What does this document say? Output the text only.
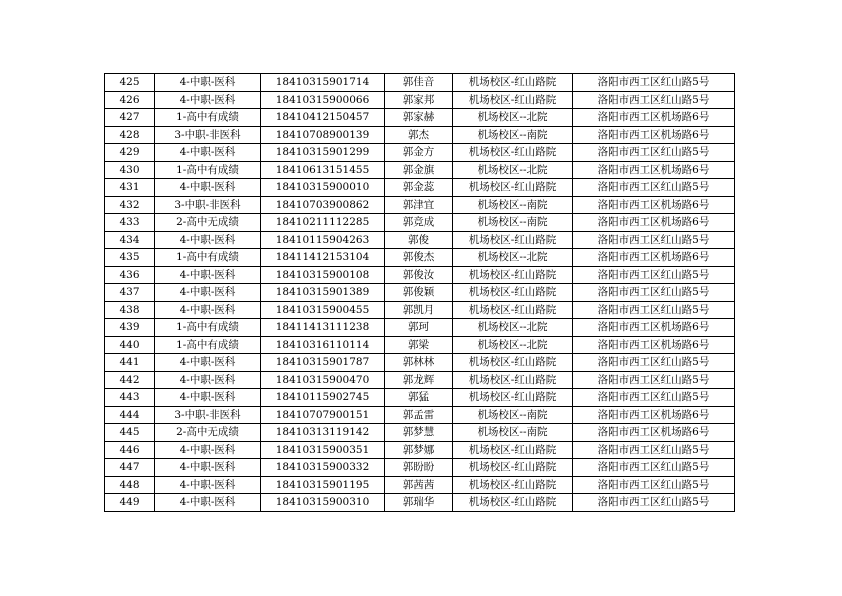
425	4-中职-医科	18410315901714	郭佳音	机场校区-红山路院	洛阳市西工区红山路5号
426	4-中职-医科	18410315900066	郭家邦	机场校区-红山路院	洛阳市西工区红山路5号
427	1-高中有成绩	18410412150457	郭家赫	机场校区--北院	洛阳市西工区机场路6号
428	3-中职-非医科	18410708900139	郭杰	机场校区--南院	洛阳市西工区机场路6号
429	4-中职-医科	18410315901299	郭金方	机场校区-红山路院	洛阳市西工区红山路5号
430	1-高中有成绩	18410613151455	郭金旗	机场校区--北院	洛阳市西工区机场路6号
431	4-中职-医科	18410315900010	郭金蕊	机场校区-红山路院	洛阳市西工区红山路5号
432	3-中职-非医科	18410703900862	郭津宜	机场校区--南院	洛阳市西工区机场路6号
433	2-高中无成绩	18410211112285	郭竞成	机场校区--南院	洛阳市西工区机场路6号
434	4-中职-医科	18410115904263	郭俊	机场校区-红山路院	洛阳市西工区红山路5号
435	1-高中有成绩	18411412153104	郭俊杰	机场校区--北院	洛阳市西工区机场路6号
436	4-中职-医科	18410315900108	郭俊汝	机场校区-红山路院	洛阳市西工区红山路5号
437	4-中职-医科	18410315901389	郭俊颖	机场校区-红山路院	洛阳市西工区红山路5号
438	4-中职-医科	18410315900455	郭凯月	机场校区-红山路院	洛阳市西工区红山路5号
439	1-高中有成绩	18411413111238	郭珂	机场校区--北院	洛阳市西工区机场路6号
440	1-高中有成绩	18410316110114	郭梁	机场校区--北院	洛阳市西工区机场路6号
441	4-中职-医科	18410315901787	郭林林	机场校区-红山路院	洛阳市西工区红山路5号
442	4-中职-医科	18410315900470	郭龙辉	机场校区-红山路院	洛阳市西工区红山路5号
443	4-中职-医科	18410115902745	郭猛	机场校区-红山路院	洛阳市西工区红山路5号
444	3-中职-非医科	18410707900151	郭孟雷	机场校区--南院	洛阳市西工区机场路6号
445	2-高中无成绩	18410313119142	郭梦慧	机场校区--南院	洛阳市西工区机场路6号
446	4-中职-医科	18410315900351	郭梦娜	机场校区-红山路院	洛阳市西工区红山路5号
447	4-中职-医科	18410315900332	郭盼盼	机场校区-红山路院	洛阳市西工区红山路5号
448	4-中职-医科	18410315901195	郭茜茜	机场校区-红山路院	洛阳市西工区红山路5号
449	4-中职-医科	18410315900310	郭瑞华	机场校区-红山路院	洛阳市西工区红山路5号
